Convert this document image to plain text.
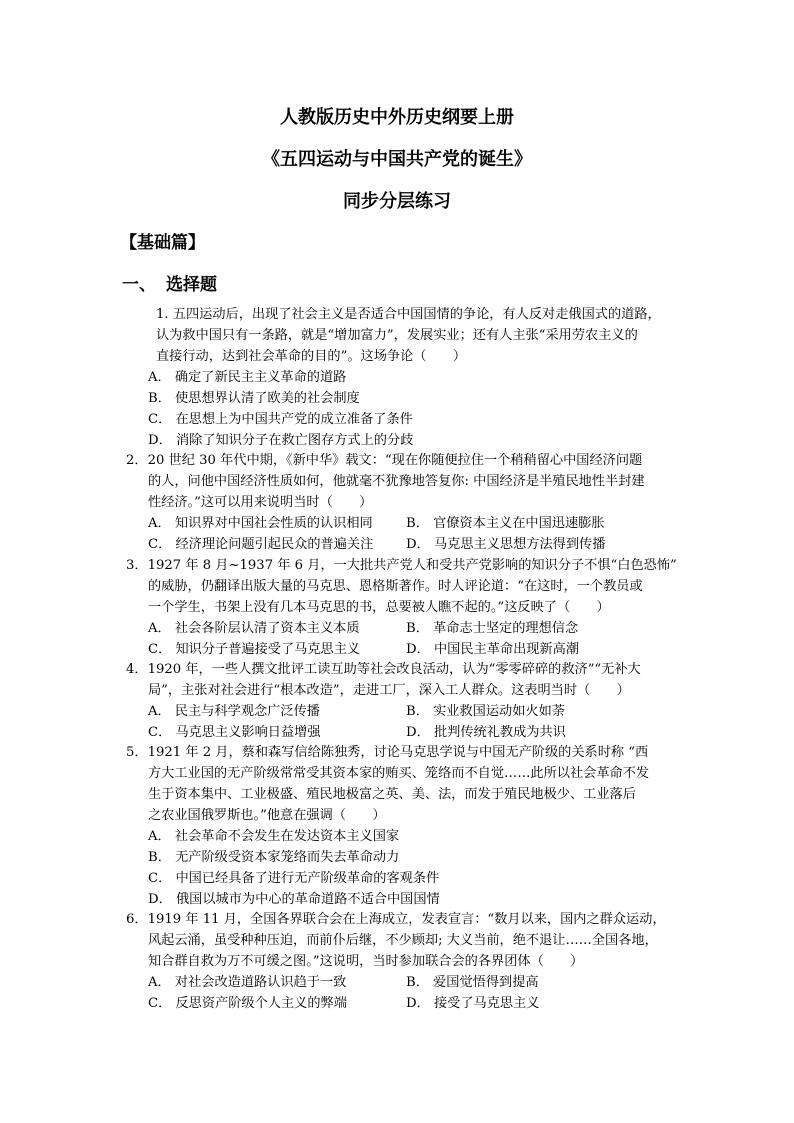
人教版历史中外历史纲要上册
《五四运动与中国共产党的诞生》
同步分层练习
【基础篇】
一、 选择题
1. 五四运动后，出现了社会主义是否适合中国国情的争论，有人反对走俄国式的道路，
认为救中国只有一条路，就是“增加富力”，发展实业；还有人主张“采用劳农主义的
直接行动，达到社会革命的目的”。这场争论（　　）
A． 确定了新民主主义革命的道路
B． 使思想界认清了欧美的社会制度
C． 在思想上为中国共产党的成立准备了条件
D． 消除了知识分子在救亡图存方式上的分歧
2．20 世纪 30 年代中期，《新中华》载文：“现在你随便拉住一个稍稍留心中国经济问题
的人，问他中国经济性质如何，他就毫不犹豫地答复你: 中国经济是半殖民地性半封建
性经济。”这可以用来说明当时（　　）
A． 知识界对中国社会性质的认识相同	B． 官僚资本主义在中国迅速膨胀
C． 经济理论问题引起民众的普遍关注 D． 马克思主义思想方法得到传播
3．1927 年 8 月~1937 年 6 月，一大批共产党人和受共产党影响的知识分子不惧“白色恐怖”
的威胁，仍翻译出版大量的马克思、恩格斯著作。时人评论道：“在这时，一个教员或
一个学生，书架上没有几本马克思的书，总要被人瞧不起的。”这反映了（　　）
A． 社会各阶层认清了资本主义本质	B． 革命志士坚定的理想信念
C． 知识分子普遍接受了马克思主义	D． 中国民主革命出现新高潮
4．1920 年，一些人撰文批评工读互助等社会改良活动，认为“零零碎碎的救济”“无补大
局”，主张对社会进行“根本改造”，走进工厂，深入工人群众。这表明当时（　　）
A． 民主与科学观念广泛传播	B． 实业救国运动如火如荼
C． 马克思主义影响日益增强	D． 批判传统礼教成为共识
5．1921 年 2 月，蔡和森写信给陈独秀，讨论马克思学说与中国无产阶级的关系时称 “西
方大工业国的无产阶级常常受其资本家的贿买、笼络而不自觉……此所以社会革命不发
生于资本集中、工业极盛、殖民地极富之英、美、法，而发于殖民地极少、工业落后
之农业国俄罗斯也。”他意在强调（　　）
A． 社会革命不会发生在发达资本主义国家
B． 无产阶级受资本家笼络而失去革命动力
C． 中国已经具备了进行无产阶级革命的客观条件
D． 俄国以城市为中心的革命道路不适合中国国情
6．1919 年 11 月，全国各界联合会在上海成立，发表宣言：“数月以来，国内之群众运动，
风起云涌，虽受种种压迫，而前仆后继，不少顾却; 大义当前，绝不退让……全国各地，
知合群自救为万不可缓之图。”这说明，当时参加联合会的各界团体（　　）
A． 对社会改造道路认识趋于一致	B． 爱国觉悟得到提高
C． 反思资产阶级个人主义的弊端	D． 接受了马克思主义
